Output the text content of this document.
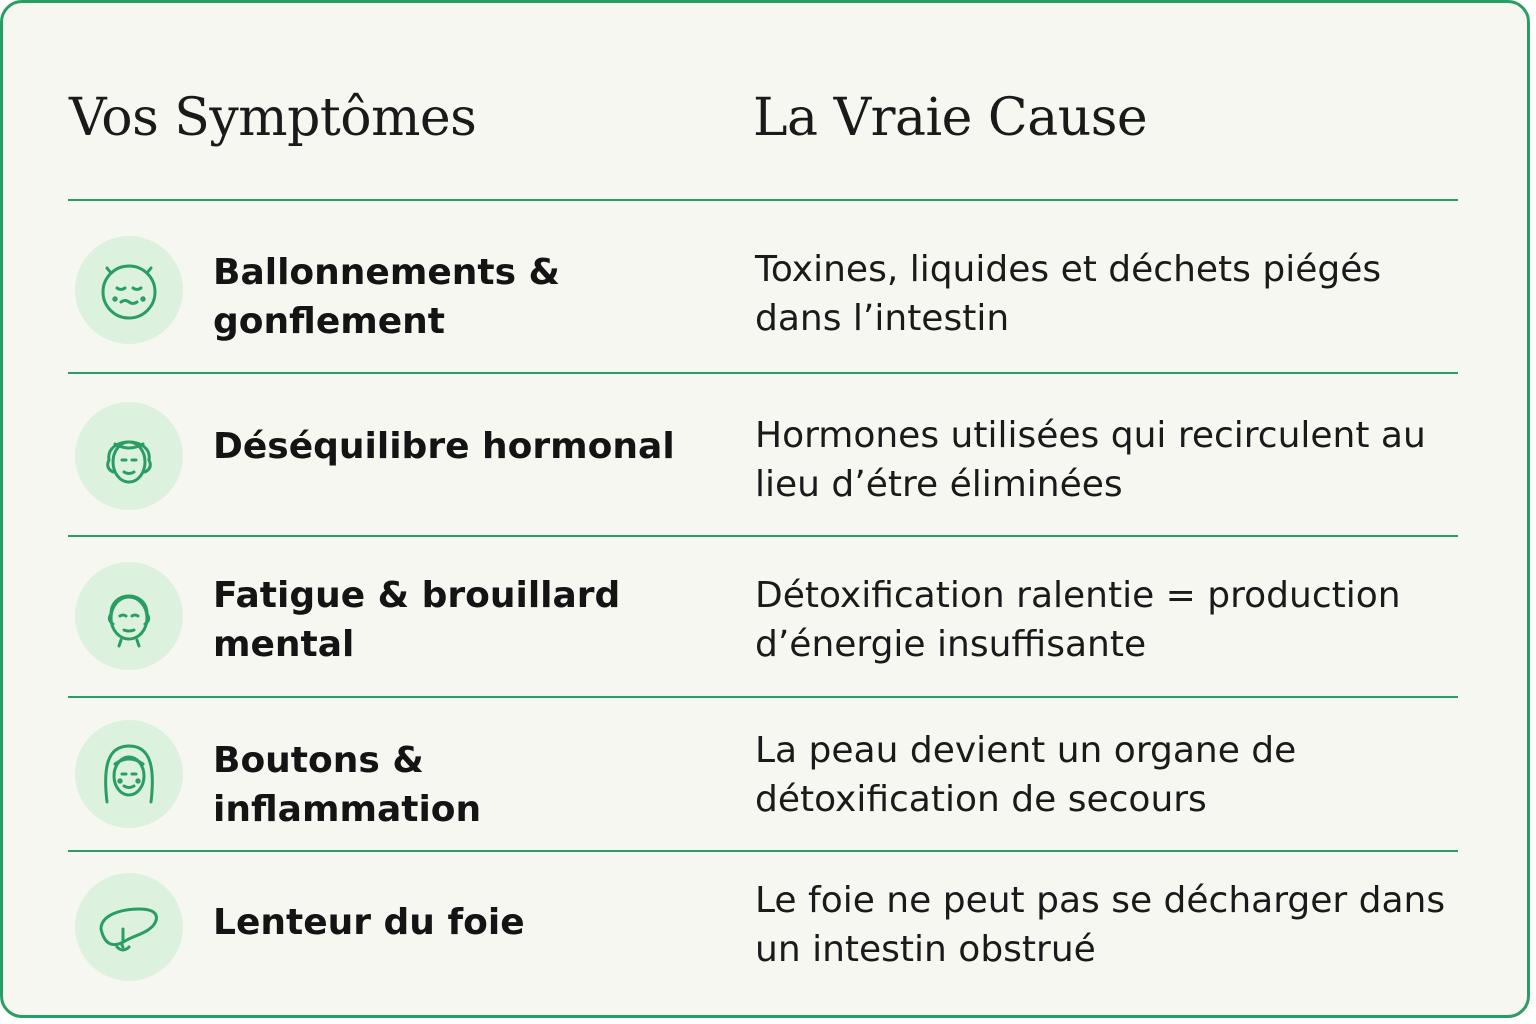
Vos Symptômes	La Vraie Cause
Ballonnements & gonflement
Toxines, liquides et déchets piégés dans l’intestin
Déséquilibre hormonal	Hormones utilisées qui recirculent au lieu d’étre éliminées
Fatigue & brouillard mental
Détoxification ralentie = production d’énergie insuffisante
Boutons & inflammation
La peau devient un organe de détoxification de secours
Lenteur du foie
Le foie ne peut pas se décharger dans un intestin obstrué
